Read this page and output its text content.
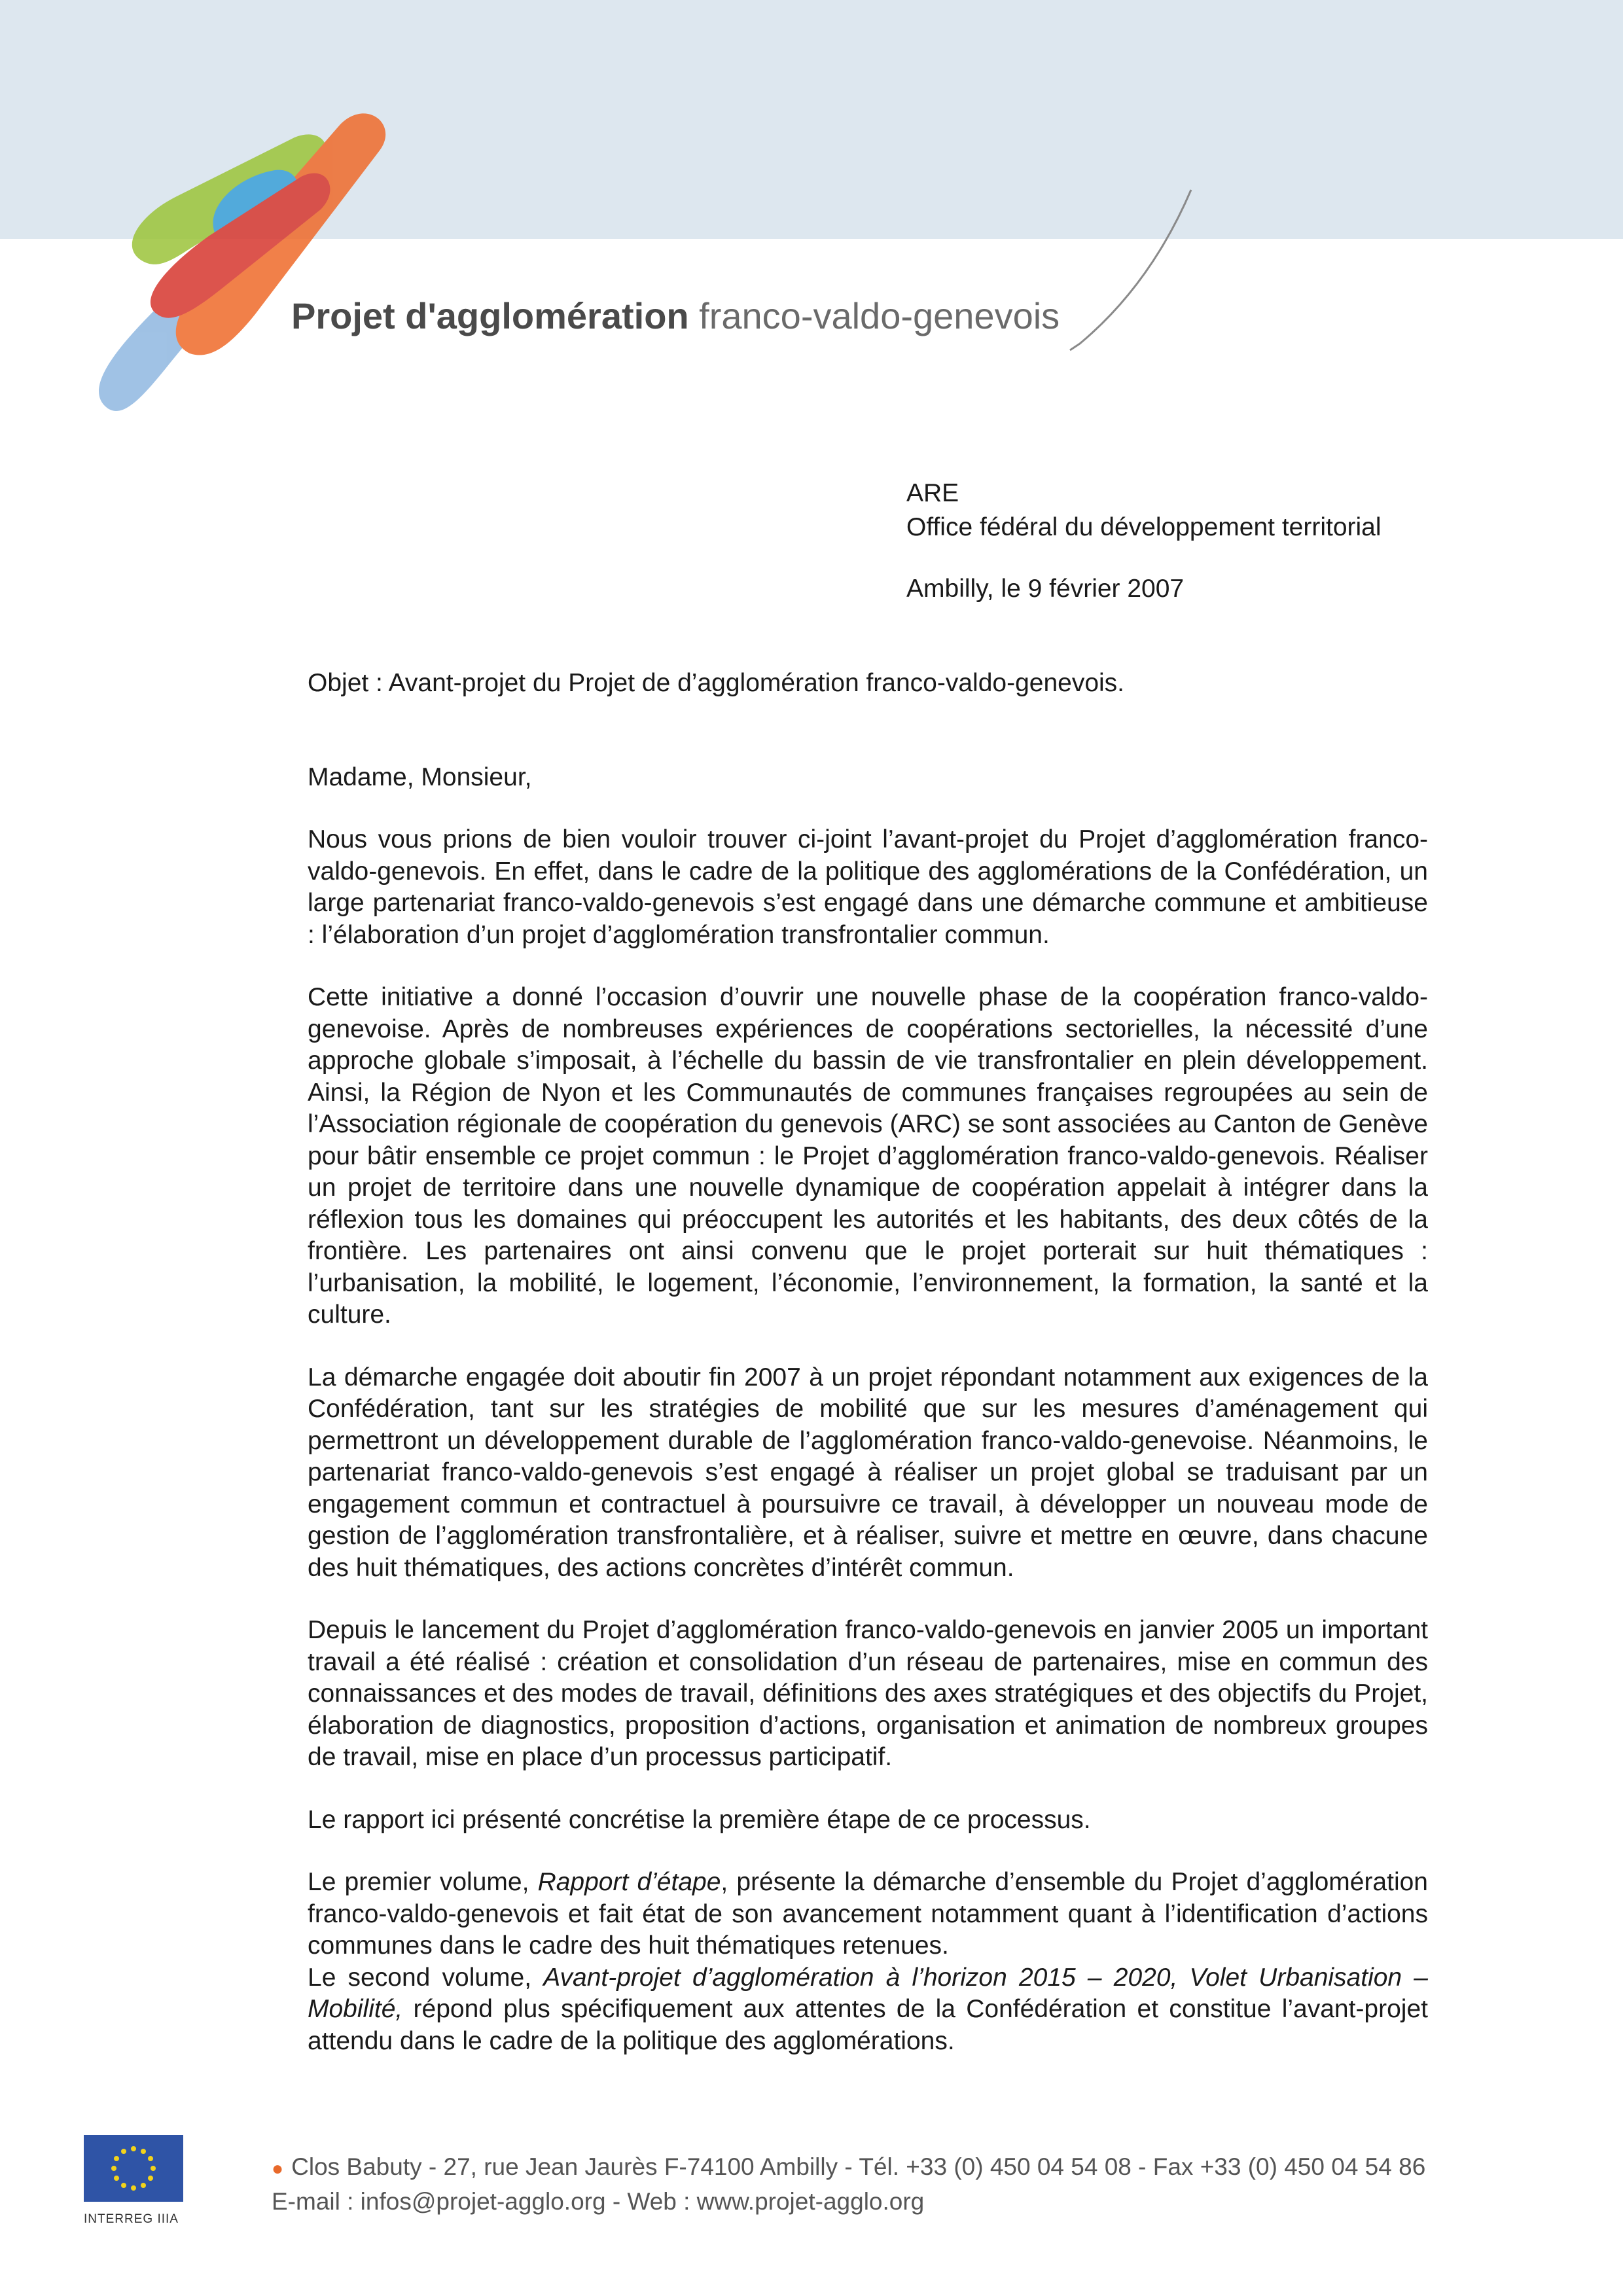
Projet d'agglomération franco-valdo-genevois
ARE
Office fédéral du développement territorial
Ambilly, le 9 février 2007

Objet : Avant-projet du Projet de d’agglomération franco-valdo-genevois.

Madame, Monsieur,

Nous vous prions de bien vouloir trouver ci-joint l’avant-projet du Projet d’agglomération franco-valdo-genevois. En effet, dans le cadre de la politique des agglomérations de la Confédération, un large partenariat franco-valdo-genevois s’est engagé dans une démarche commune et ambitieuse : l’élaboration d’un projet d’agglomération transfrontalier commun.

Cette initiative a donné l’occasion d’ouvrir une nouvelle phase de la coopération franco-valdo-genevoise. Après de nombreuses expériences de coopérations sectorielles, la nécessité d’une approche globale s’imposait, à l’échelle du bassin de vie transfrontalier en plein développement. Ainsi, la Région de Nyon et les Communautés de communes françaises regroupées au sein de l’Association régionale de coopération du genevois (ARC) se sont associées au Canton de Genève pour bâtir ensemble ce projet commun : le Projet d’agglomération franco-valdo-genevois. Réaliser un projet de territoire dans une nouvelle dynamique de coopération appelait à intégrer dans la réflexion tous les domaines qui préoccupent les autorités et les habitants, des deux côtés de la frontière. Les partenaires ont ainsi convenu que le projet porterait sur huit thématiques : l’urbanisation, la mobilité, le logement, l’économie, l’environnement, la formation, la santé et la culture.

La démarche engagée doit aboutir fin 2007 à un projet répondant notamment aux exigences de la Confédération, tant sur les stratégies de mobilité que sur les mesures d’aménagement qui permettront un développement durable de l’agglomération franco-valdo-genevoise. Néanmoins, le partenariat franco-valdo-genevois s’est engagé à réaliser un projet global se traduisant par un engagement commun et contractuel à poursuivre ce travail, à développer un nouveau mode de gestion de l’agglomération transfrontalière, et à réaliser, suivre et mettre en œuvre, dans chacune des huit thématiques, des actions concrètes d’intérêt commun.

Depuis le lancement du Projet d’agglomération franco-valdo-genevois en janvier 2005 un important travail a été réalisé : création et consolidation d’un réseau de partenaires, mise en commun des connaissances et des modes de travail, définitions des axes stratégiques et des objectifs du Projet, élaboration de diagnostics, proposition d’actions, organisation et animation de nombreux groupes de travail, mise en place d’un processus participatif.

Le rapport ici présenté concrétise la première étape de ce processus.

Le premier volume, Rapport d’étape, présente la démarche d’ensemble du Projet d’agglomération franco-valdo-genevois et fait état de son avancement notamment quant à l’identification d’actions communes dans le cadre des huit thématiques retenues.

Le second volume, Avant-projet d’agglomération à l’horizon 2015 – 2020, Volet Urbanisation – Mobilité, répond plus spécifiquement aux attentes de la Confédération et constitue l’avant-projet attendu dans le cadre de la politique des agglomérations.

INTERREG IIIA
● Clos Babuty - 27, rue Jean Jaurès F-74100 Ambilly - Tél. +33 (0) 450 04 54 08 - Fax +33 (0) 450 04 54 86
E-mail : infos@projet-agglo.org - Web : www.projet-agglo.org
